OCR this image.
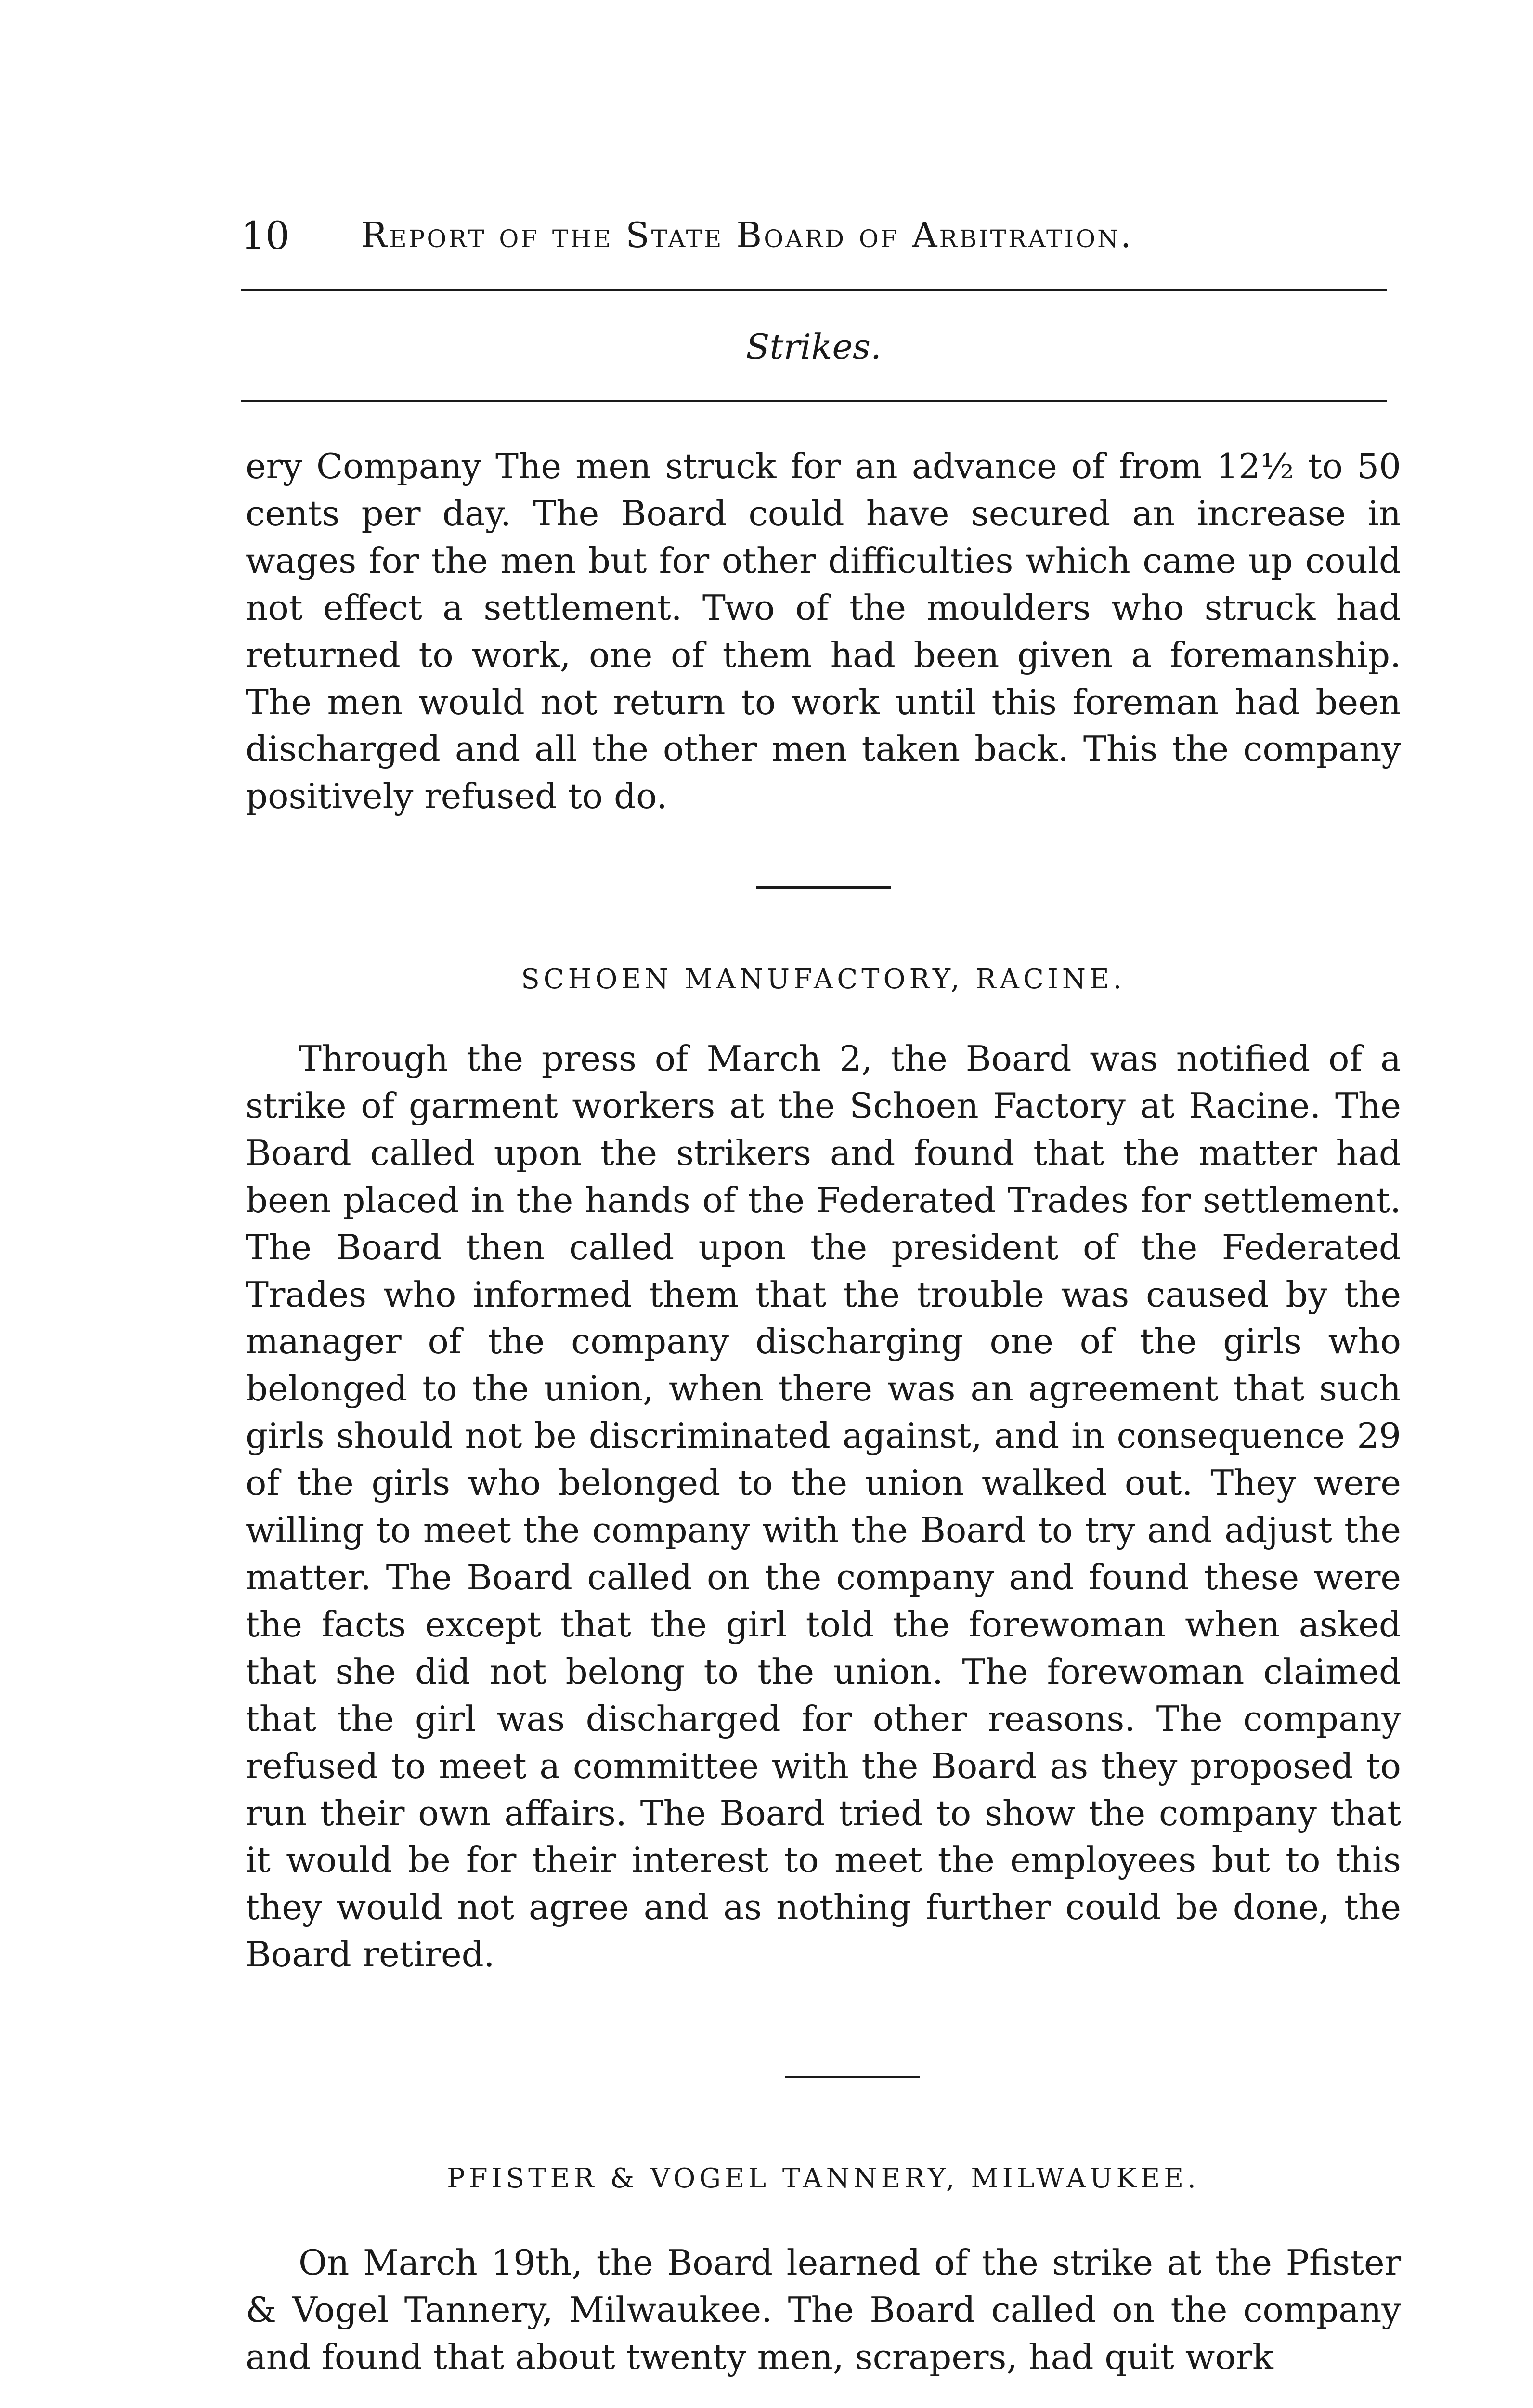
10 Report of the State Board of Arbitration.
Strikes.

ery Company The men struck for an advance of from 12½ to 50 cents per day. The Board could have secured an increase in wages for the men but for other difficulties which came up could not effect a settlement. Two of the moulders who struck had returned to work, one of them had been given a foremanship. The men would not return to work until this foreman had been discharged and all the other men taken back. This the company positively refused to do.

SCHOEN MANUFACTORY, RACINE.

Through the press of March 2, the Board was notified of a strike of garment workers at the Schoen Factory at Racine. The Board called upon the strikers and found that the matter had been placed in the hands of the Federated Trades for settlement. The Board then called upon the president of the Federated Trades who informed them that the trouble was caused by the manager of the company discharging one of the girls who belonged to the union, when there was an agreement that such girls should not be discriminated against, and in consequence 29 of the girls who belonged to the union walked out. They were willing to meet the company with the Board to try and adjust the matter. The Board called on the company and found these were the facts except that the girl told the forewoman when asked that she did not belong to the union. The forewoman claimed that the girl was discharged for other reasons. The company refused to meet a committee with the Board as they proposed to run their own affairs. The Board tried to show the company that it would be for their interest to meet the employees but to this they would not agree and as nothing further could be done, the Board retired.

PFISTER & VOGEL TANNERY, MILWAUKEE.

On March 19th, the Board learned of the strike at the Pfister & Vogel Tannery, Milwaukee. The Board called on the company and found that about twenty men, scrapers, had quit work
